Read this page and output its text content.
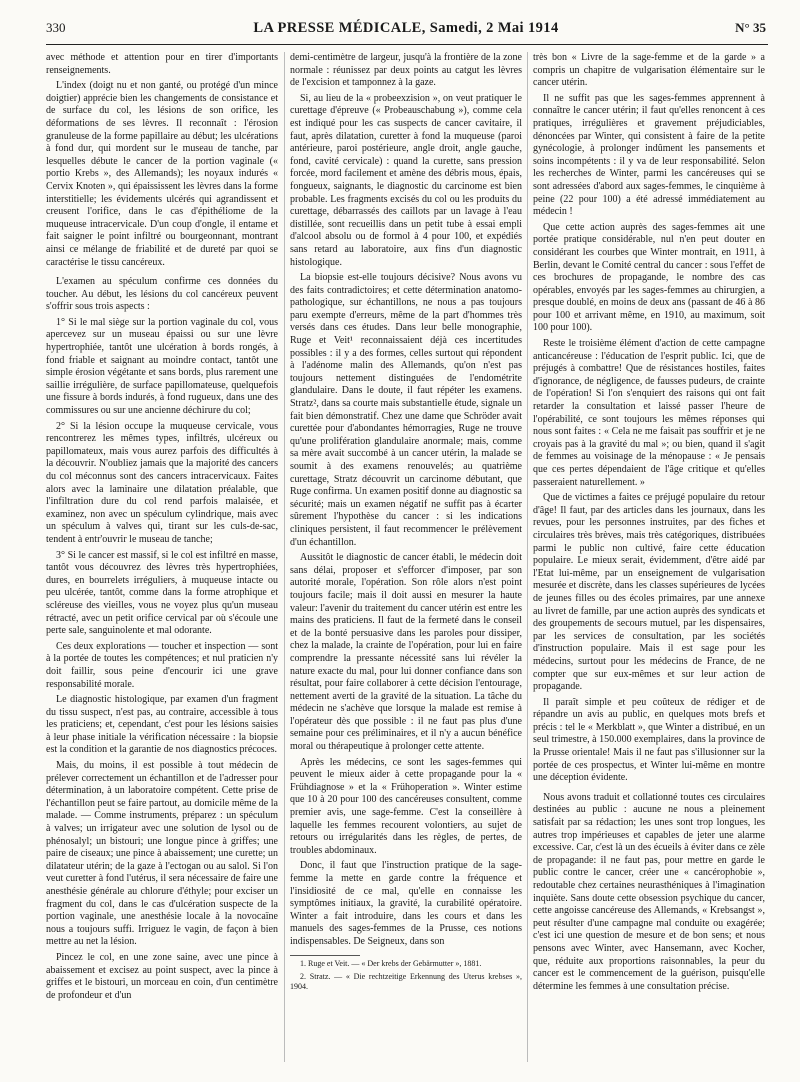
330	LA PRESSE MÉDICALE, Samedi, 2 Mai 1914	N° 35

avec méthode et attention pour en tirer d'importants renseignements.

L'index (doigt nu et non ganté, ou protégé d'un mince doigtier) apprécie bien les changements de consistance et de surface du col, les lésions de son orifice, les déformations de ses lèvres. Il reconnaît : l'érosion granuleuse de la forme papillaire au début; les ulcérations à fond dur, qui mordent sur le museau de tanche, par lesquelles débute le cancer de la portion vaginale (« portio Krebs », des Allemands); les noyaux indurés « Cervix Knoten », qui épaississent les lèvres dans la forme interstitielle; les évidements ulcérés qui agrandissent et creusent l'orifice, dans le cas d'épithéliome de la muqueuse intracervicale. D'un coup d'ongle, il entame et fait saigner le point infiltré ou bourgeonnant, montrant ainsi ce mélange de friabilité et de dureté par quoi se caractérise le tissu cancéreux.

L'examen au spéculum confirme ces données du toucher. Au début, les lésions du col cancéreux peuvent s'offrir sous trois aspects :

1° Si le mal siège sur la portion vaginale du col, vous apercevez sur un museau épaissi ou sur une lèvre hypertrophiée, tantôt une ulcération à bords rongés, à fond friable et saignant au moindre contact, tantôt une simple érosion végétante et sans bords, plus rarement une saillie irrégulière, de surface papillomateuse, quelquefois une fissure à bords indurés, à fond rugueux, dans une des commissures ou sur une ancienne déchirure du col;

2° Si la lésion occupe la muqueuse cervicale, vous rencontrerez les mêmes types, infiltrés, ulcéreux ou papillomateux, mais vous aurez parfois des difficultés à la découvrir. N'oubliez jamais que la majorité des cancers du col méconnus sont des cancers intracervicaux. Faites alors avec la laminaire une dilatation préalable, que l'infiltration dure du col rend parfois malaisée, et examinez, non avec un spéculum cylindrique, mais avec un spéculum à valves qui, tirant sur les culs-de-sac, tendent à entr'ouvrir le museau de tanche;

3° Si le cancer est massif, si le col est infiltré en masse, tantôt vous découvrez des lèvres très hypertrophiées, dures, en bourrelets irréguliers, à muqueuse intacte ou peu ulcérée, tantôt, comme dans la forme atrophique et scléreuse des vieilles, vous ne voyez plus qu'un museau rétracté, avec un petit orifice cervical par où s'écoule une perte sale, sanguinolente et mal odorante.

Ces deux explorations — toucher et inspection — sont à la portée de toutes les compétences; et nul praticien n'y doit faillir, sous peine d'encourir ici une grave responsabilité morale.

Le diagnostic histologique, par examen d'un fragment du tissu suspect, n'est pas, au contraire, accessible à tous les praticiens; et, cependant, c'est pour les lésions saisies à leur phase initiale la vérification nécessaire : la biopsie est la condition et la garantie de nos diagnostics précoces.

Mais, du moins, il est possible à tout médecin de prélever correctement un échantillon et de l'adresser pour détermination, à un laboratoire compétent. Cette prise de l'échantillon peut se faire partout, au domicile même de la malade. — Comme instruments, préparez : un spéculum à valves; un irrigateur avec une solution de lysol ou de phénosalyl; un bistouri; une longue pince à griffes; une paire de ciseaux; une pince à abaissement; une curette; un dilatateur utérin; de la gaze à l'ectogan ou au salol. Si l'on veut curetter à fond l'utérus, il sera nécessaire de faire une anesthésie générale au chlorure d'éthyle; pour exciser un fragment du col, dans le cas d'ulcération suspecte de la portion vaginale, une anesthésie locale à la novocaïne nous a toujours suffi. Irriguez le vagin, de façon à bien mettre au net la lésion.

Pincez le col, en une zone saine, avec une pince à abaissement et excisez au point suspect, avec la pince à griffes et le bistouri, un morceau en coin, d'un centimètre de profondeur et d'un

demi-centimètre de largeur, jusqu'à la frontière de la zone normale : réunissez par deux points au catgut les lèvres de l'excision et tamponnez à la gaze.

Si, au lieu de la « probeexzision », on veut pratiquer le curettage d'épreuve (« Probeauschabung »), comme cela est indiqué pour les cas suspects de cancer cavitaire, il faut, après dilatation, curetter à fond la muqueuse (paroi antérieure, paroi postérieure, angle droit, angle gauche, fond, cavité cervicale) : quand la curette, sans pression forcée, mord facilement et amène des débris mous, épais, fongueux, saignants, le diagnostic du carcinome est bien probable. Les fragments excisés du col ou les produits du curettage, débarrassés des caillots par un lavage à l'eau distillée, sont recueillis dans un petit tube à essai empli d'alcool absolu ou de formol à 4 pour 100, et expédiés sans retard au laboratoire, aux fins d'un diagnostic histologique.

La biopsie est-elle toujours décisive? Nous avons vu des faits contradictoires; et cette détermination anatomo-pathologique, sur échantillons, ne nous a pas toujours paru exempte d'erreurs, même de la part d'hommes très versés dans ces études. Dans leur belle monographie, Ruge et Veit¹ reconnaissaient déjà ces incertitudes possibles : il y a des formes, celles surtout qui répondent à l'adénome malin des Allemands, qu'on n'est pas toujours nettement distinguées de l'endométrite glandulaire. Dans le doute, il faut répéter les examens. Stratz², dans sa courte mais substantielle étude, signale un fait bien démonstratif. Chez une dame que Schröder avait curettée pour d'abondantes hémorragies, Ruge ne trouve qu'une prolifération glandulaire anormale; mais, comme sa mère avait succombé à un cancer utérin, la malade se soumit à des examens renouvelés; au quatrième curettage, Stratz découvrit un carcinome débutant, que Ruge confirma. Un examen positif donne au diagnostic sa sécurité; mais un examen négatif ne suffit pas à écarter sûrement l'hypothèse du cancer : si les indications cliniques persistent, il faut recommencer le prélèvement d'un échantillon.

Aussitôt le diagnostic de cancer établi, le médecin doit sans délai, proposer et s'efforcer d'imposer, par son autorité morale, l'opération. Son rôle alors n'est point toujours facile; mais il doit aussi en mesurer la haute valeur: l'avenir du traitement du cancer utérin est entre les mains des praticiens. Il faut de la fermeté dans le conseil et de la bonté persuasive dans les paroles pour dissiper, chez la malade, la crainte de l'opération, pour lui en faire comprendre la pressante nécessité sans lui révéler la nature exacte du mal, pour lui donner confiance dans son résultat, pour faire collaborer à cette décision l'entourage, nettement averti de la gravité de la situation. La tâche du médecin ne s'achève que lorsque la malade est remise à l'opérateur dès que possible : il ne faut pas plus d'une semaine pour ces préliminaires, et il n'y a aucun bénéfice moral ou thérapeutique à prolonger cette attente.

Après les médecins, ce sont les sages-femmes qui peuvent le mieux aider à cette propagande pour la « Frühdiagnose » et la « Frühoperation ». Winter estime que 10 à 20 pour 100 des cancéreuses consultent, comme premier avis, une sage-femme. C'est la conseillère à laquelle les femmes recourent volontiers, au sujet de retours ou irrégularités dans les règles, de pertes, de troubles abdominaux.

Donc, il faut que l'instruction pratique de la sage-femme la mette en garde contre la fréquence et l'insidiosité de ce mal, qu'elle en connaisse les symptômes initiaux, la gravité, la curabilité opératoire. Winter a fait introduire, dans les cours et dans les manuels des sages-femmes de la Prusse, ces notions indispensables. De Seigneux, dans son

1. Ruge et Veit. — « Der krebs der Gebärmutter », 1881.

2. Stratz. — « Die rechtzeitige Erkennung des Uterus krebses », 1904.

très bon « Livre de la sage-femme et de la garde » a compris un chapitre de vulgarisation élémentaire sur le cancer utérin.

Il ne suffit pas que les sages-femmes apprennent à connaître le cancer utérin; il faut qu'elles renoncent à ces pratiques, irrégulières et gravement préjudiciables, dénoncées par Winter, qui consistent à faire de la petite gynécologie, à prolonger indûment les pansements et soins incompétents : il y va de leur responsabilité. Selon les recherches de Winter, parmi les cancéreuses qui se sont adressées d'abord aux sages-femmes, le cinquième à peine (22 pour 100) a été adressé immédiatement au médecin !

Que cette action auprès des sages-femmes ait une portée pratique considérable, nul n'en peut douter en considérant les courbes que Winter montrait, en 1911, à Berlin, devant le Comité central du cancer : sous l'effet de ces brochures de propagande, le nombre des cas opérables, envoyés par les sages-femmes au chirurgien, a presque doublé, en moins de deux ans (passant de 46 à 86 pour 100 et arrivant même, en 1910, au maximum, soit 100 pour 100).

Reste le troisième élément d'action de cette campagne anticancéreuse : l'éducation de l'esprit public. Ici, que de préjugés à combattre! Que de résistances hostiles, faites d'ignorance, de négligence, de fausses pudeurs, de crainte de l'opération! Si l'on s'enquiert des raisons qui ont fait retarder la consultation et laissé passer l'heure de l'opérabilité, ce sont toujours les mêmes réponses qui nous sont faites : « Cela ne me faisait pas souffrir et je ne croyais pas à la gravité du mal »; ou bien, quand il s'agit de femmes au voisinage de la ménopause : « Je pensais que ces pertes dépendaient de l'âge critique et qu'elles passeraient naturellement. »

Que de victimes a faites ce préjugé populaire du retour d'âge! Il faut, par des articles dans les journaux, dans les revues, pour les personnes instruites, par des fiches et circulaires très brèves, mais très catégoriques, distribuées parmi le public non cultivé, faire cette éducation populaire. Le mieux serait, évidemment, d'être aidé par l'Etat lui-même, par un enseignement de vulgarisation mesurée et discrète, dans les classes supérieures de lycées de jeunes filles ou des écoles primaires, par une annexe au livret de famille, par une action auprès des syndicats et des groupements de secours mutuel, par les dispensaires, par les services de consultation, par les sociétés d'instruction populaire. Mais il est sage pour les médecins, surtout pour les médecins de France, de ne compter que sur eux-mêmes et sur leur action de propagande.

Il paraît simple et peu coûteux de rédiger et de répandre un avis au public, en quelques mots brefs et précis : tel le « Merkblatt », que Winter a distribué, en un seul trimestre, à 150.000 exemplaires, dans la province de la Prusse orientale! Mais il ne faut pas s'illusionner sur la portée de ces prospectus, et Winter lui-même en montre une déception évidente.

Nous avons traduit et collationné toutes ces circulaires destinées au public : aucune ne nous a pleinement satisfait par sa rédaction; les unes sont trop longues, les autres trop impérieuses et capables de jeter une alarme excessive. Car, c'est là un des écueils à éviter dans ce zèle de propagande: il ne faut pas, pour mettre en garde le public contre le cancer, créer une « cancérophobie », redoutable chez certaines neurasthéniques à l'imagination inquiète. Sans doute cette obsession psychique du cancer, cette angoisse cancéreuse des Allemands, « Krebsangst », peut résulter d'une campagne mal conduite ou exagérée; c'est ici une question de mesure et de bon sens; et nous pensons avec Winter, avec Hansemann, avec Kocher, que, réduite aux proportions raisonnables, la peur du cancer est le commencement de la guérison, puisqu'elle détermine les femmes à une consultation précise.
